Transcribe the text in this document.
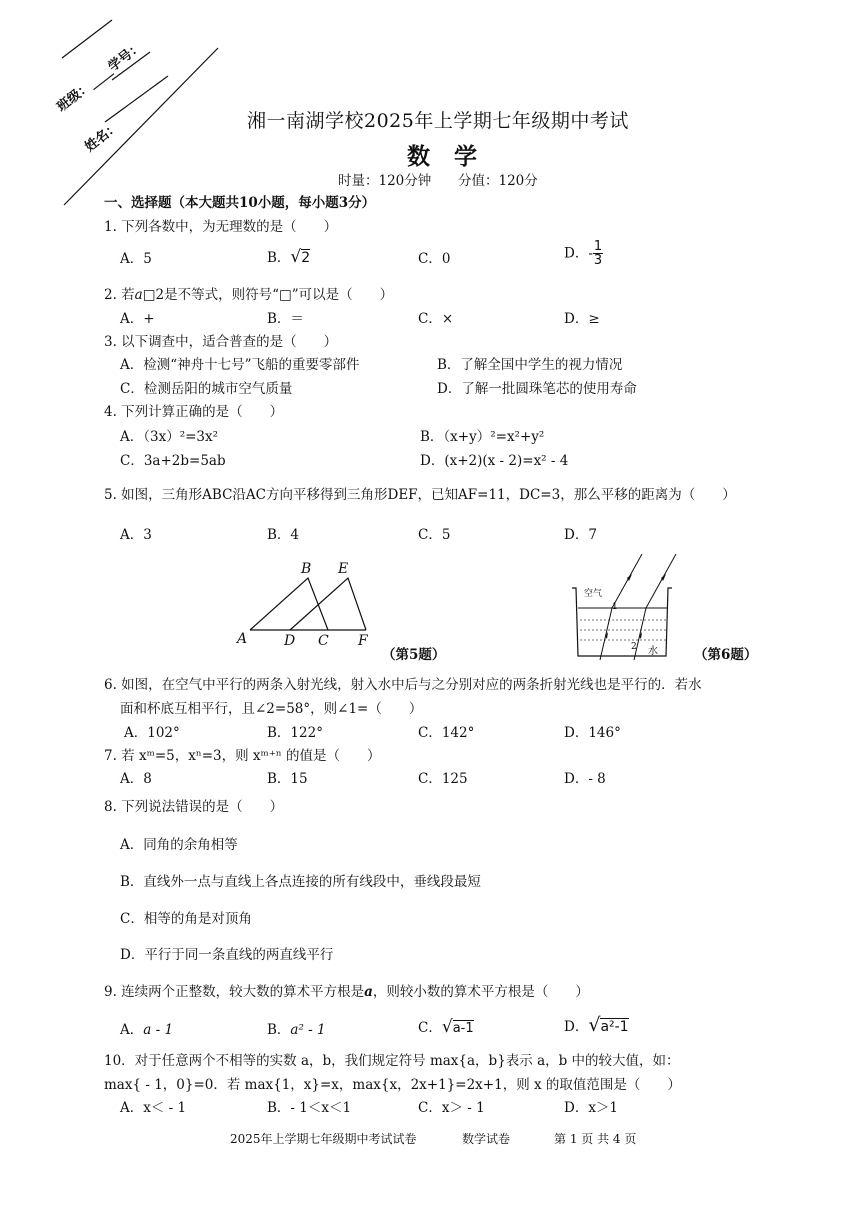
班级：____学号：
姓名：	湘一南湖学校2025年上学期七年级期中考试
数 学
时量：120分钟 分值：120分
一、选择题（本大题共10小题，每小题3分）
1. 下列各数中，为无理数的是（　　）
A．5	B．√2	C．0	D．- $\frac{1}{3}$
2. 若a□2是不等式，则符号“□”可以是（　　）
A．+	B．＝	C．×	D．≥
3. 以下调查中，适合普查的是（　　）
A．检测“神舟十七号”飞船的重要零部件	B．了解全国中学生的视力情况
C．检测岳阳的城市空气质量	D．了解一批圆珠笔芯的使用寿命
4. 下列计算正确的是（　　）
A．（3x）²=3x²	B．（x+y）²=x²+y²
C．3a+2b=5ab	D．(x+2)(x - 2)=x² - 4
5. 如图，三角形ABC沿AC方向平移得到三角形DEF，已知AF=11，DC=3，那么平移的距离为（　　）
A．3	B．4	C．5	D．7
A
B
C
D
E
F
（第5题）
空气
水
1
2	（第6题）
6. 如图，在空气中平行的两条入射光线，射入水中后与之分别对应的两条折射光线也是平行的．若水
面和杯底互相平行，且∠2=58°，则∠1=（　　）
A．102°	B．122°	C．142°	D．146°
7. 若 xᵐ=5，xⁿ=3，则 xᵐ⁺ⁿ 的值是（　　）
A．8	B．15	C．125	D．- 8
8. 下列说法错误的是（　　）
A．同角的余角相等
B．直线外一点与直线上各点连接的所有线段中，垂线段最短
C．相等的角是对顶角
D．平行于同一条直线的两直线平行
9. 连续两个正整数，较大数的算术平方根是a，则较小数的算术平方根是（　　）
A．a - 1	B．a² - 1	C．√a-1	D．√a²-1
10．对于任意两个不相等的实数 a，b，我们规定符号 max{a，b}表示 a，b 中的较大值，如：
max{ - 1，0}=0．若 max{1，x}=x，max{x，2x+1}=2x+1，则 x 的取值范围是（　　）
A．x＜ - 1	B．- 1＜x＜1	C．x＞ - 1	D．x＞1
2025年上学期七年级期中考试试卷	数学试卷	第 1 页 共 4 页
